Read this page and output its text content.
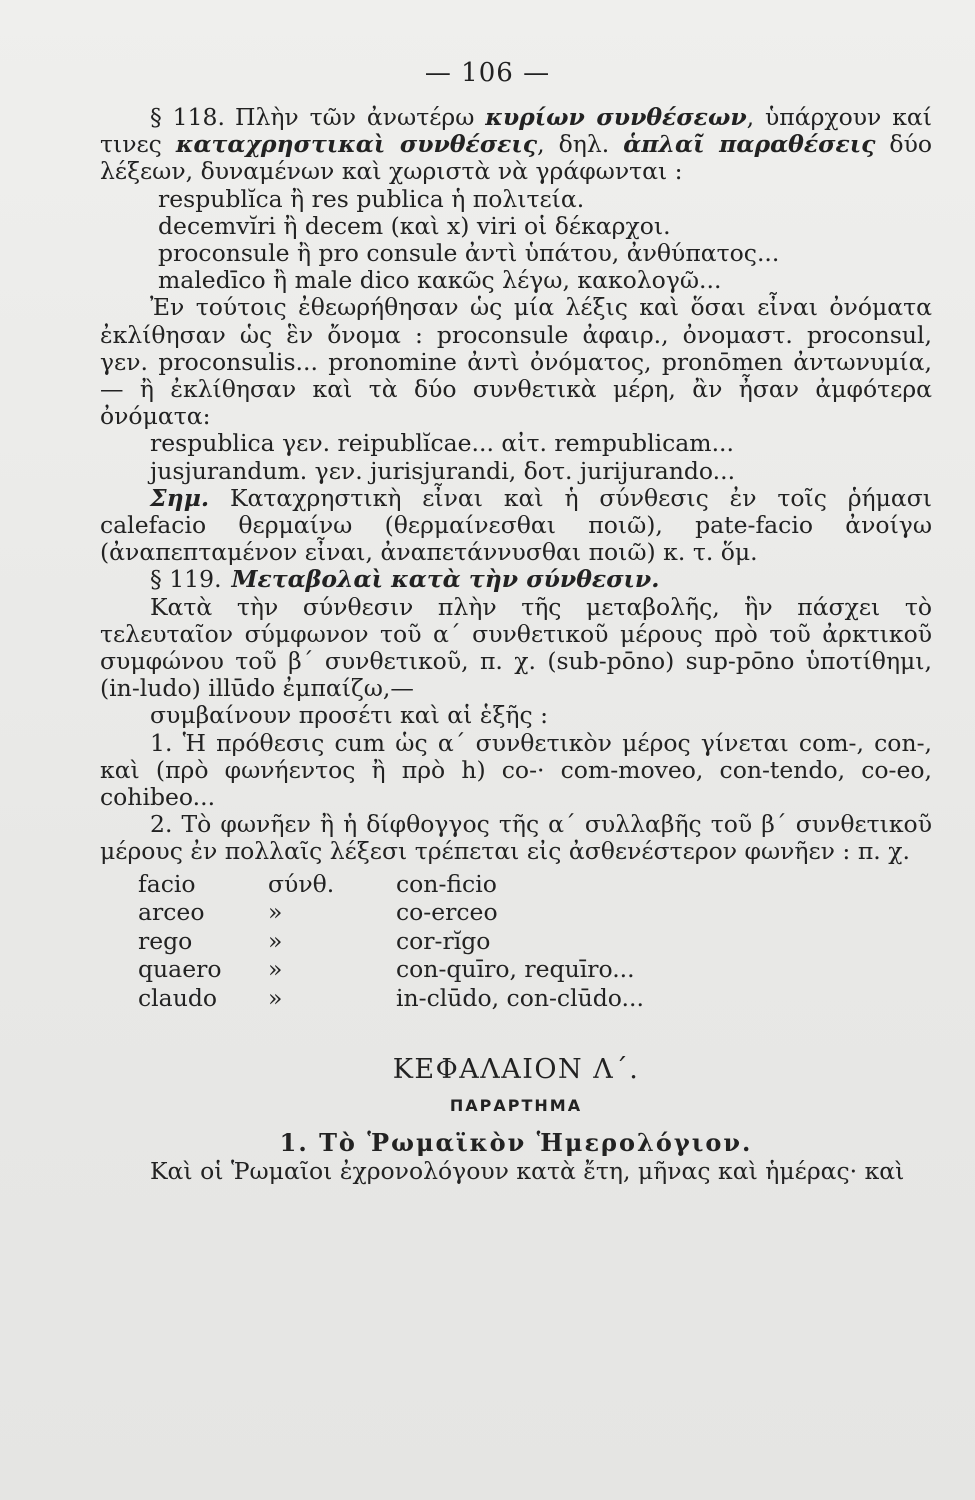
— 106 —

§ 118. Πλὴν τῶν ἀνωτέρω κυρίων συνθέσεων, ὑπάρχουν καί τινες καταχρηστικαὶ συνθέσεις, δηλ. ἁπλαῖ παραθέσεις δύο λέξεων, δυναμένων καὶ χωριστὰ νὰ γράφωνται :

respublĭca ἢ res publica ἡ πολιτεία.

decemvĭri ἢ decem (καὶ x) viri οἱ δέκαρχοι.

proconsule ἢ pro consule ἀντὶ ὑπάτου, ἀνθύπατος...

maledīco ἢ male dico κακῶς λέγω, κακολογῶ...

Ἐν τούτοις ἐθεωρήθησαν ὡς μία λέξις καὶ ὅσαι εἶναι ὀνόματα ἐκλίθησαν ὡς ἓν ὄνομα : proconsule ἀφαιρ., ὀνομαστ. proconsul, γεν. proconsulis... pronomine ἀντὶ ὀνόματος, pronōmen ἀντωνυμία,— ἢ ἐκλίθησαν καὶ τὰ δύο συνθετικὰ μέρη, ἂν ἦσαν ἀμφότερα ὀνόματα:

respublica γεν. reipublĭcae... αἰτ. rempublicam...

jusjurandum. γεν. jurisjurandi, δοτ. jurijurando...

Σημ. Καταχρηστικὴ εἶναι καὶ ἡ σύνθεσις ἐν τοῖς ῥήμασι calefacio θερμαίνω (θερμαίνεσθαι ποιῶ), pate-facio ἀνοίγω (ἀναπεπταμένον εἶναι, ἀναπετάννυσθαι ποιῶ) κ. τ. ὅμ.

§ 119. Μεταβολαὶ κατὰ τὴν σύνθεσιν.

Κατὰ τὴν σύνθεσιν πλὴν τῆς μεταβολῆς, ἣν πάσχει τὸ τελευταῖον σύμφωνον τοῦ α΄ συνθετικοῦ μέρους πρὸ τοῦ ἀρκτικοῦ συμφώνου τοῦ β΄ συνθετικοῦ, π. χ. (sub-pōno) sup-pōno ὑποτίθημι, (in-ludo) illūdo ἐμπαίζω,—

συμβαίνουν προσέτι καὶ αἱ ἑξῆς :

1. Ἡ πρόθεσις cum ὡς α΄ συνθετικὸν μέρος γίνεται com-, con-, καὶ (πρὸ φωνήεντος ἢ πρὸ h) co-· com-moveo, con-tendo, co-eo, cohibeo...

2. Τὸ φωνῆεν ἢ ἡ δίφθογγος τῆς α΄ συλλαβῆς τοῦ β΄ συνθετικοῦ μέρους ἐν πολλαῖς λέξεσι τρέπεται εἰς ἀσθενέστερον φωνῆεν : π. χ.

facio	σύνθ.	con-ficio
arceo	»	co-erceo
rego	»	cor-rĭgo
quaero	»	con-quīro, requīro...
claudo	»	in-clūdo, con-clūdo...
ΚΕΦΑΛΑΙΟΝ Λ΄.
ΠΑΡΑΡΤΗΜΑ
1. Τὸ Ῥωμαϊκὸν Ἡμερολόγιον.

Καὶ οἱ Ῥωμαῖοι ἐχρονολόγουν κατὰ ἔτη, μῆνας καὶ ἡμέρας· καὶ
